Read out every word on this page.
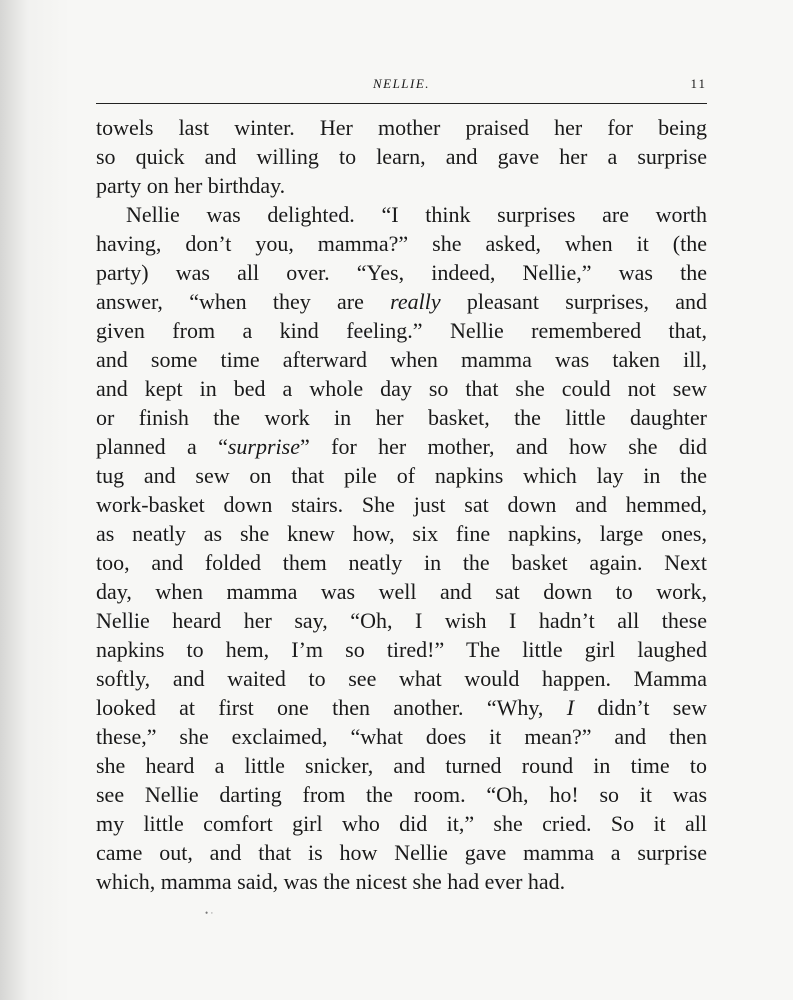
NELLIE.	11
towels last winter. Her mother praised her for being
so quick and willing to learn, and gave her a surprise
party on her birthday.
Nellie was delighted. “I think surprises are worth
having, don’t you, mamma?” she asked, when it (the
party) was all over. “Yes, indeed, Nellie,” was the
answer, “when they are really pleasant surprises, and
given from a kind feeling.” Nellie remembered that,
and some time afterward when mamma was taken ill,
and kept in bed a whole day so that she could not sew
or finish the work in her basket, the little daughter
planned a “surprise” for her mother, and how she did
tug and sew on that pile of napkins which lay in the
work-basket down stairs. She just sat down and hemmed,
as neatly as she knew how, six fine napkins, large ones,
too, and folded them neatly in the basket again. Next
day, when mamma was well and sat down to work,
Nellie heard her say, “Oh, I wish I hadn’t all these
napkins to hem, I’m so tired!” The little girl laughed
softly, and waited to see what would happen. Mamma
looked at first one then another. “Why, I didn’t sew
these,” she exclaimed, “what does it mean?” and then
she heard a little snicker, and turned round in time to
see Nellie darting from the room. “Oh, ho! so it was
my little comfort girl who did it,” she cried. So it all
came out, and that is how Nellie gave mamma a surprise
which, mamma said, was the nicest she had ever had.
• ·
